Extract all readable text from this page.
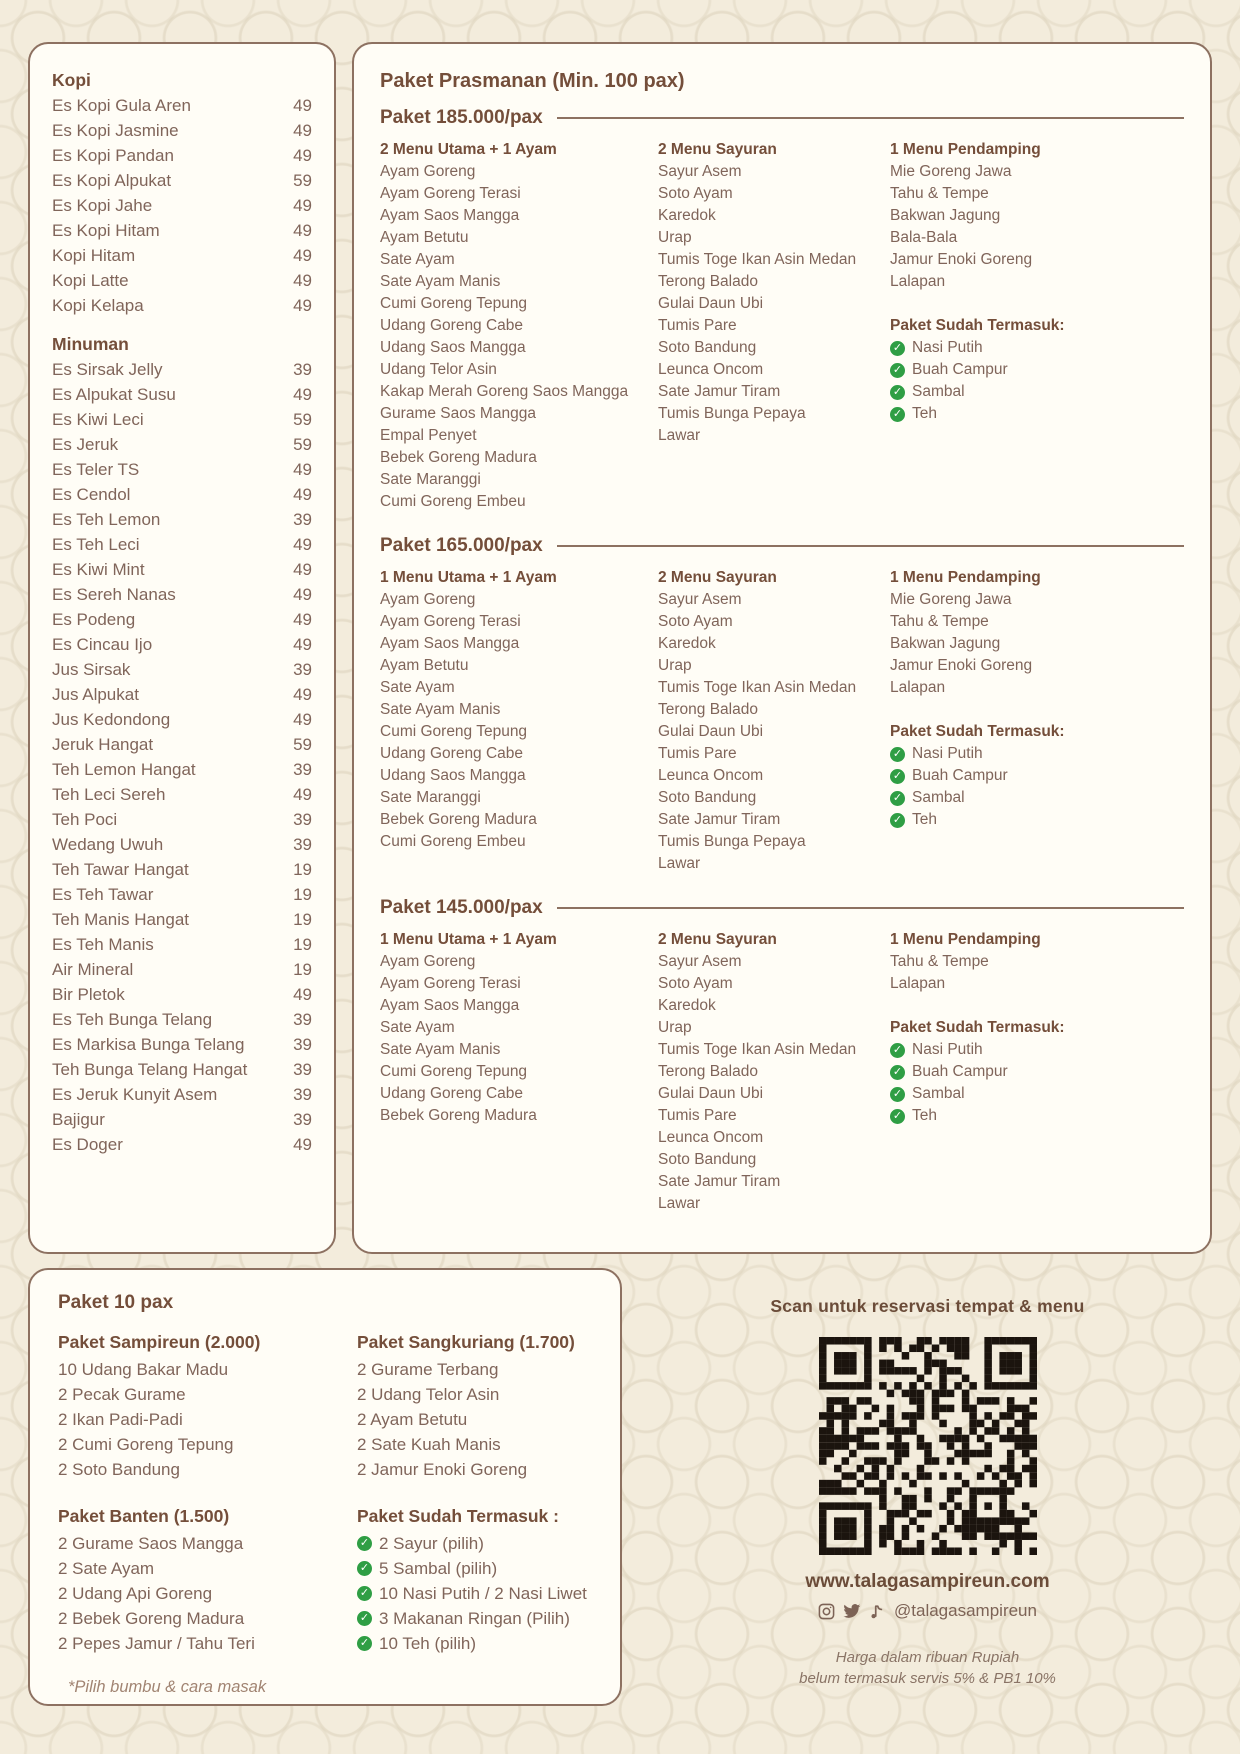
Kopi
Es Kopi Gula Aren	49
Es Kopi Jasmine	49
Es Kopi Pandan	49
Es Kopi Alpukat	59
Es Kopi Jahe	49
Es Kopi Hitam	49
Kopi Hitam	49
Kopi Latte	49
Kopi Kelapa	49
Minuman
Es Sirsak Jelly	39
Es Alpukat Susu	49
Es Kiwi Leci	59
Es Jeruk	59
Es Teler TS	49
Es Cendol	49
Es Teh Lemon	39
Es Teh Leci	49
Es Kiwi Mint	49
Es Sereh Nanas	49
Es Podeng	49
Es Cincau Ijo	49
Jus Sirsak	39
Jus Alpukat	49
Jus Kedondong	49
Jeruk Hangat	59
Teh Lemon Hangat	39
Teh Leci Sereh	49
Teh Poci	39
Wedang Uwuh	39
Teh Tawar Hangat	19
Es Teh Tawar	19
Teh Manis Hangat	19
Es Teh Manis	19
Air Mineral	19
Bir Pletok	49
Es Teh Bunga Telang	39
Es Markisa Bunga Telang	39
Teh Bunga Telang Hangat	39
Es Jeruk Kunyit Asem	39
Bajigur	39
Es Doger	49
Paket Prasmanan (Min. 100 pax)
Paket 185.000/pax
2 Menu Utama + 1 Ayam
Ayam Goreng
Ayam Goreng Terasi
Ayam Saos Mangga
Ayam Betutu
Sate Ayam
Sate Ayam Manis
Cumi Goreng Tepung
Udang Goreng Cabe
Udang Saos Mangga
Udang Telor Asin
Kakap Merah Goreng Saos Mangga
Gurame Saos Mangga
Empal Penyet
Bebek Goreng Madura
Sate Maranggi
Cumi Goreng Embeu
2 Menu Sayuran
Sayur Asem
Soto Ayam
Karedok
Urap
Tumis Toge Ikan Asin Medan
Terong Balado
Gulai Daun Ubi
Tumis Pare
Soto Bandung
Leunca Oncom
Sate Jamur Tiram
Tumis Bunga Pepaya
Lawar
1 Menu Pendamping
Mie Goreng Jawa
Tahu & Tempe
Bakwan Jagung
Bala-Bala
Jamur Enoki Goreng
Lalapan
Paket Sudah Termasuk:
✓ Nasi Putih
✓ Buah Campur
✓ Sambal
✓ Teh
Paket 165.000/pax
1 Menu Utama + 1 Ayam
Ayam Goreng
Ayam Goreng Terasi
Ayam Saos Mangga
Ayam Betutu
Sate Ayam
Sate Ayam Manis
Cumi Goreng Tepung
Udang Goreng Cabe
Udang Saos Mangga
Sate Maranggi
Bebek Goreng Madura
Cumi Goreng Embeu
2 Menu Sayuran
Sayur Asem
Soto Ayam
Karedok
Urap
Tumis Toge Ikan Asin Medan
Terong Balado
Gulai Daun Ubi
Tumis Pare
Leunca Oncom
Soto Bandung
Sate Jamur Tiram
Tumis Bunga Pepaya
Lawar
1 Menu Pendamping
Mie Goreng Jawa
Tahu & Tempe
Bakwan Jagung
Jamur Enoki Goreng
Lalapan
Paket Sudah Termasuk:
✓ Nasi Putih
✓ Buah Campur
✓ Sambal
✓ Teh
Paket 145.000/pax
1 Menu Utama + 1 Ayam
Ayam Goreng
Ayam Goreng Terasi
Ayam Saos Mangga
Sate Ayam
Sate Ayam Manis
Cumi Goreng Tepung
Udang Goreng Cabe
Bebek Goreng Madura
2 Menu Sayuran
Sayur Asem
Soto Ayam
Karedok
Urap
Tumis Toge Ikan Asin Medan
Terong Balado
Gulai Daun Ubi
Tumis Pare
Leunca Oncom
Soto Bandung
Sate Jamur Tiram
Lawar
1 Menu Pendamping
Tahu & Tempe
Lalapan
Paket Sudah Termasuk:
✓ Nasi Putih
✓ Buah Campur
✓ Sambal
✓ Teh
Paket 10 pax
Paket Sampireun (2.000)
10 Udang Bakar Madu
2 Pecak Gurame
2 Ikan Padi-Padi
2 Cumi Goreng Tepung
2 Soto Bandung
Paket Banten (1.500)
2 Gurame Saos Mangga
2 Sate Ayam
2 Udang Api Goreng
2 Bebek Goreng Madura
2 Pepes Jamur / Tahu Teri
*Pilih bumbu & cara masak
Paket Sangkuriang (1.700)
2 Gurame Terbang
2 Udang Telor Asin
2 Ayam Betutu
2 Sate Kuah Manis
2 Jamur Enoki Goreng
Paket Sudah Termasuk :
✓ 2 Sayur (pilih)
✓ 5 Sambal (pilih)
✓ 10 Nasi Putih / 2 Nasi Liwet
✓ 3 Makanan Ringan (Pilih)
✓ 10 Teh (pilih)
Scan untuk reservasi tempat & menu
www.talagasampireun.com
@talagasampireun
Harga dalam ribuan Rupiah
belum termasuk servis 5% & PB1 10%
